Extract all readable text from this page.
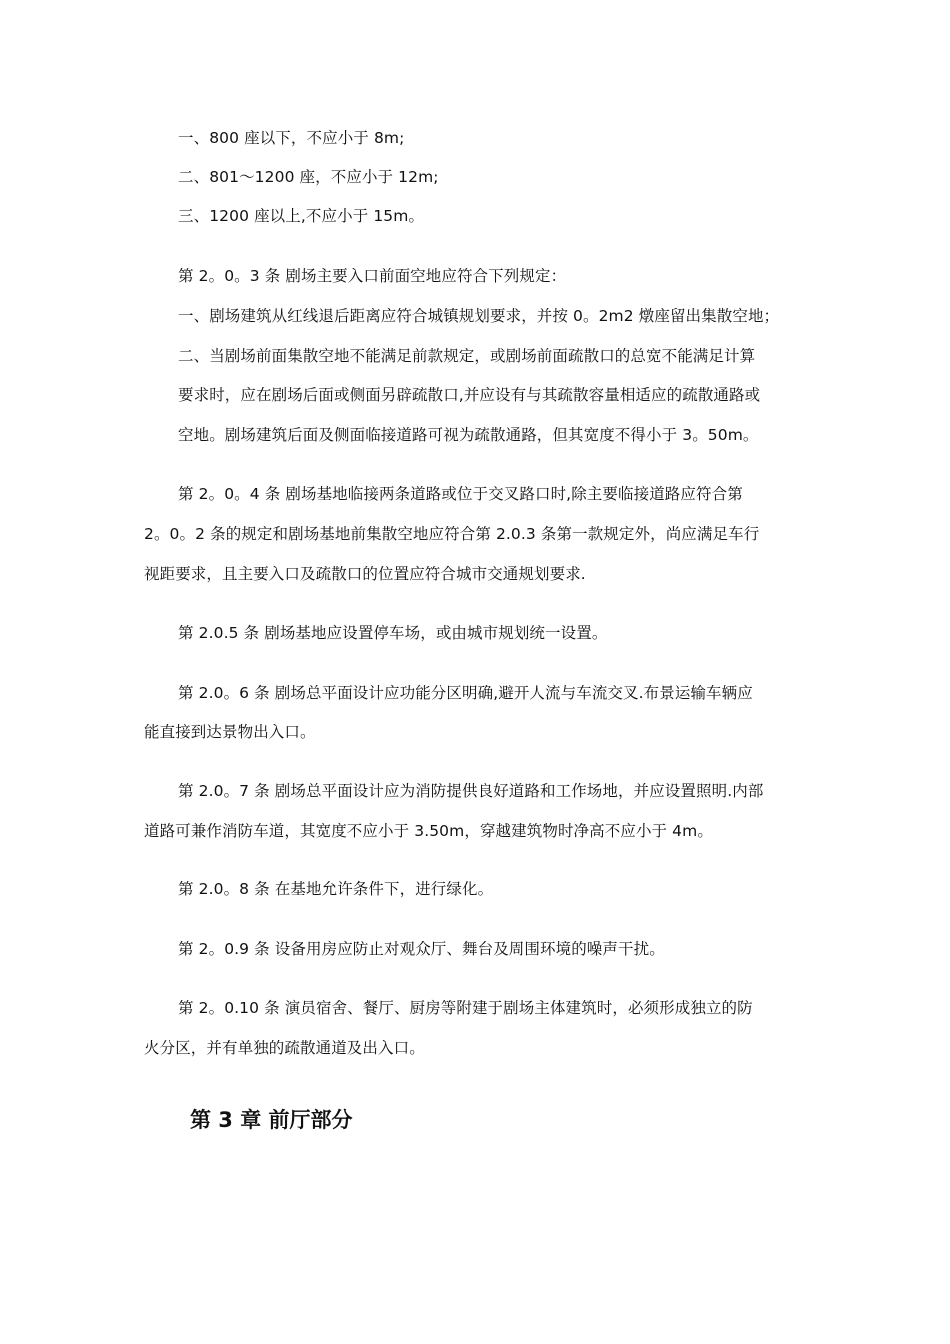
一、800 座以下，不应小于 8m;
二、801～1200 座，不应小于 12m;
三、1200 座以上,不应小于 15m。
第 2。0。3 条 剧场主要入口前面空地应符合下列规定：
一、剧场建筑从红线退后距离应符合城镇规划要求，并按 0。2m2 燉座留出集散空地；
二、当剧场前面集散空地不能满足前款规定，或剧场前面疏散口的总宽不能满足计算
要求时，应在剧场后面或侧面另辟疏散口,并应设有与其疏散容量相适应的疏散通路或
空地。剧场建筑后面及侧面临接道路可视为疏散通路，但其宽度不得小于 3。50m。
第 2。0。4 条 剧场基地临接两条道路或位于交叉路口时,除主要临接道路应符合第
2。0。2 条的规定和剧场基地前集散空地应符合第 2.0.3 条第一款规定外，尚应满足车行
视距要求，且主要入口及疏散口的位置应符合城市交通规划要求.
第 2.0.5 条 剧场基地应设置停车场，或由城市规划统一设置。
第 2.0。6 条 剧场总平面设计应功能分区明确,避开人流与车流交叉.布景运输车辆应
能直接到达景物出入口。
第 2.0。7 条 剧场总平面设计应为消防提供良好道路和工作场地，并应设置照明.内部
道路可兼作消防车道，其宽度不应小于 3.50m，穿越建筑物时净高不应小于 4m。
第 2.0。8 条 在基地允许条件下，进行绿化。
第 2。0.9 条 设备用房应防止对观众厅、舞台及周围环境的噪声干扰。
第 2。0.10 条 演员宿舍、餐厅、厨房等附建于剧场主体建筑时，必须形成独立的防
火分区，并有单独的疏散通道及出入口。
第 3 章 前厅部分
